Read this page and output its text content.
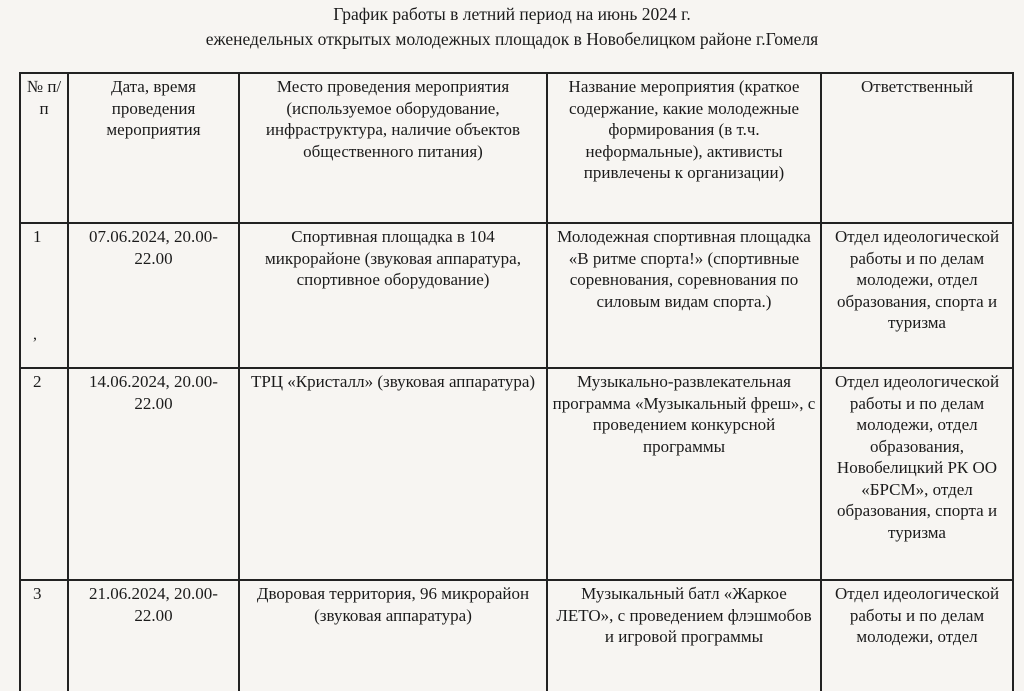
График работы в летний период на июнь 2024 г.
еженедельных открытых молодежных площадок в Новобелицком районе г.Гомеля
№ п/п	Дата, время проведения мероприятия	Место проведения мероприятия (используемое оборудование, инфраструктура, наличие объектов общественного питания)	Название мероприятия (краткое содержание, какие молодежные формирования (в т.ч. неформальные), активисты привлечены к организации)	Ответственный
1	07.06.2024, 20.00-22.00	Спортивная площадка в 104 микрорайоне (звуковая аппаратура, спортивное оборудование)	Молодежная спортивная площадка «В ритме спорта!» (спортивные соревнования, соревнования по силовым видам спорта.)	Отдел идеологической работы и по делам молодежи, отдел образования, спорта и туризма
2	14.06.2024, 20.00-22.00	ТРЦ «Кристалл» (звуковая аппаратура)	Музыкально-развлекательная программа «Музыкальный фреш», с проведением конкурсной программы	Отдел идеологической работы и по делам молодежи, отдел образования, Новобелицкий РК ОО «БРСМ», отдел образования, спорта и туризма
3	21.06.2024, 20.00-22.00	Дворовая территория, 96 микрорайон (звуковая аппаратура)	Музыкальный батл «Жаркое ЛЕТО», с проведением флэшмобов и игровой программы	Отдел идеологической работы и по делам молодежи, отдел
,
